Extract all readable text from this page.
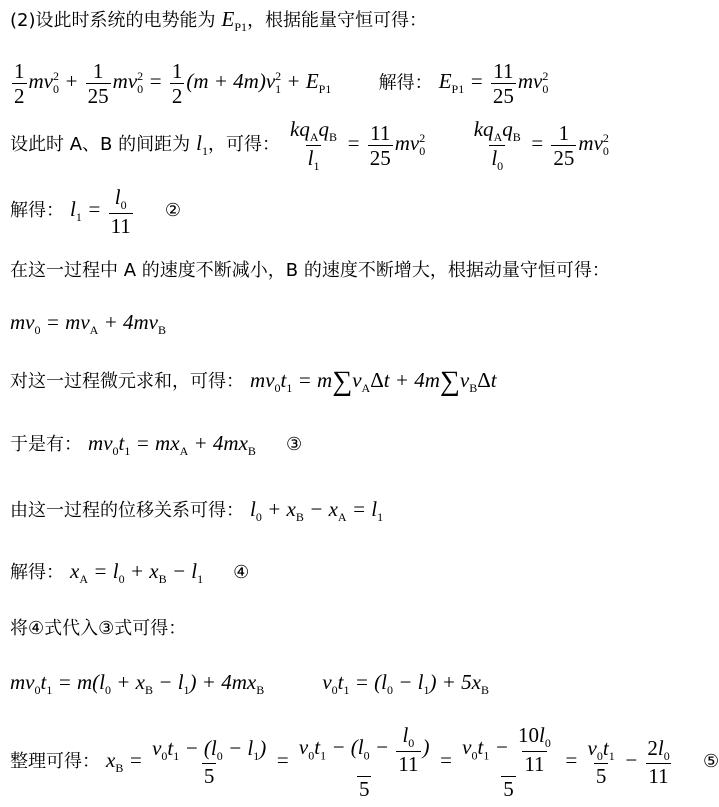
(2)设此时系统的电势能为 $E_{P1}$，根据能量守恒可得：
$\frac{1}{2} mv_0^2 + \frac{1}{25} mv_0^2 = \frac{1}{2} (m + 4m)v_1^2 + E_{P1}$	解得： $E_{P1} = \frac{11}{25} mv_0^2$
设此时 A、B 的间距为 $l_1$，可得： $\frac{kq_Aq_B}{l_1} = \frac{11}{25} mv_0^2 \frac{kq_Aq_B}{l_0} = \frac{1}{25} mv_0^2$
解得： $l_1 = \frac{l_0}{11}$ ②
在这一过程中 A 的速度不断减小，B 的速度不断增大，根据动量守恒可得：
$mv_0 = mv_A + 4mv_B$
对这一过程微元求和，可得： $mv_0t_1 = m\sum v_A\Delta t + 4m\sum v_B\Delta t$
于是有： $mv_0t_1 = mx_A + 4mx_B$ ③
由这一过程的位移关系可得： $l_0 + x_B - x_A = l_1$
解得： $x_A = l_0 + x_B - l_1$ ④
将④式代入③式可得：
$mv_0t_1 = m(l_0 + x_B - l_1) + 4mx_B$	$v_0t_1 = (l_0 - l_1) + 5x_B$
整理可得： $x_B = \frac{v_0t_1 - (l_0 - l_1)}{5} = \frac{v_0t_1 - (l_0 - \frac{l_0}{11} )}{5} = \frac{v_0t_1 - \frac{10l_0}{11}}{5} = \frac{v_0t_1}{5} - \frac{2l_0}{11}$ ⑤
